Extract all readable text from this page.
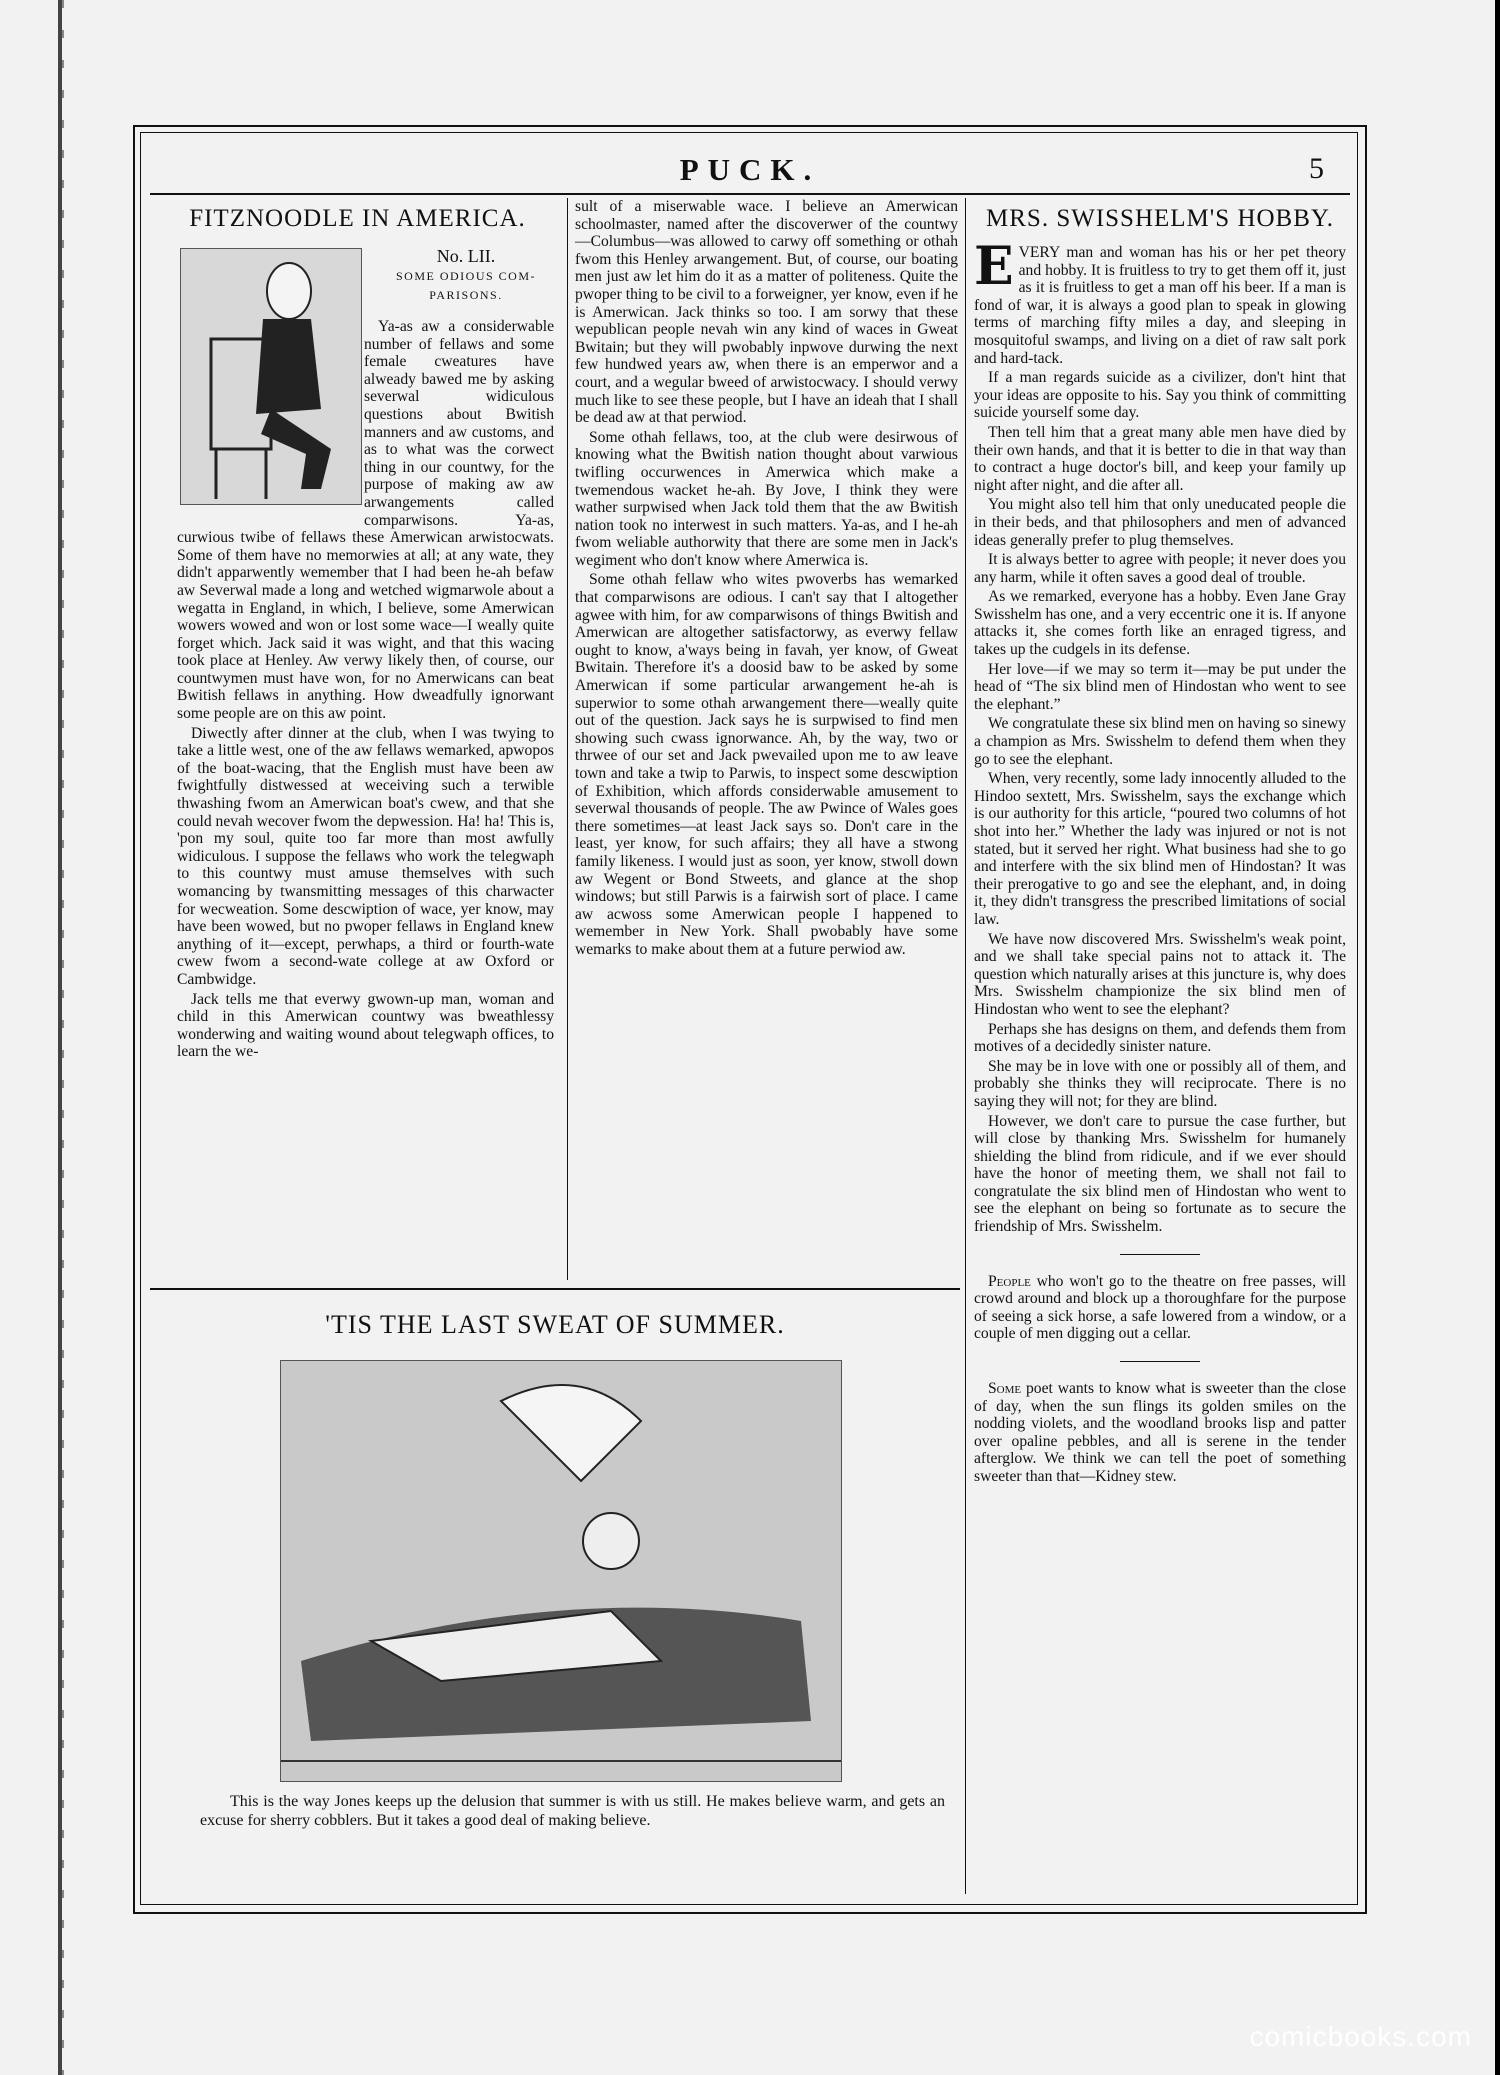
PUCK.	5
FITZNOODLE IN AMERICA.

No. LII.

SOME ODIOUS COM-

PARISONS.

Ya-as aw a considerwable number of fellaws and some female cweatures have alweady bawed me by asking severwal widiculous questions about Bwitish manners and aw customs, and as to what was the corwect thing in our countwy, for the purpose of making aw aw arwangements called comparwisons. Ya-as, curwious twibe of fellaws these Amerwican arwistocwats. Some of them have no memorwies at all; at any wate, they didn't apparwently wemember that I had been he-ah befaw aw Severwal made a long and wetched wigmarwole about a wegatta in England, in which, I believe, some Amerwican wowers wowed and won or lost some wace—I weally quite forget which. Jack said it was wight, and that this wacing took place at Henley. Aw verwy likely then, of course, our countwymen must have won, for no Amerwicans can beat Bwitish fellaws in anything. How dweadfully ignorwant some people are on this aw point.

Diwectly after dinner at the club, when I was twying to take a little west, one of the aw fellaws wemarked, apwopos of the boat-wacing, that the English must have been aw fwightfully distwessed at weceiving such a terwible thwashing fwom an Amerwican boat's cwew, and that she could nevah wecover fwom the depwession. Ha! ha! This is, 'pon my soul, quite too far more than most awfully widiculous. I suppose the fellaws who work the telegwaph to this countwy must amuse themselves with such womancing by twansmitting messages of this charwacter for wecweation. Some descwiption of wace, yer know, may have been wowed, but no pwoper fellaws in England knew anything of it—except, perwhaps, a third or fourth-wate cwew fwom a second-wate college at aw Oxford or Cambwidge.

Jack tells me that everwy gwown-up man, woman and child in this Amerwican countwy was bweathlessy wonderwing and waiting wound about telegwaph offices, to learn the we-

sult of a miserwable wace. I believe an Amerwican schoolmaster, named after the discoverwer of the countwy —Columbus—was allowed to carwy off something or othah fwom this Henley arwangement. But, of course, our boating men just aw let him do it as a matter of politeness. Quite the pwoper thing to be civil to a forweigner, yer know, even if he is Amerwican. Jack thinks so too. I am sorwy that these wepublican people nevah win any kind of waces in Gweat Bwitain; but they will pwobably inpwove durwing the next few hundwed years aw, when there is an emperwor and a court, and a wegular bweed of arwistocwacy. I should verwy much like to see these people, but I have an ideah that I shall be dead aw at that perwiod.

Some othah fellaws, too, at the club were desirwous of knowing what the Bwitish nation thought about varwious twifling occurwences in Amerwica which make a twemendous wacket he-ah. By Jove, I think they were wather surpwised when Jack told them that the aw Bwitish nation took no interwest in such matters. Ya-as, and I he-ah fwom weliable authorwity that there are some men in Jack's wegiment who don't know where Amerwica is.

Some othah fellaw who wites pwoverbs has wemarked that comparwisons are odious. I can't say that I altogether agwee with him, for aw comparwisons of things Bwitish and Amerwican are altogether satisfactorwy, as everwy fellaw ought to know, a'ways being in favah, yer know, of Gweat Bwitain. Therefore it's a doosid baw to be asked by some Amerwican if some particular arwangement he-ah is superwior to some othah arwangement there—weally quite out of the question. Jack says he is surpwised to find men showing such cwass ignorwance. Ah, by the way, two or thrwee of our set and Jack pwevailed upon me to aw leave town and take a twip to Parwis, to inspect some descwiption of Exhibition, which affords considerwable amusement to severwal thousands of people. The aw Pwince of Wales goes there sometimes—at least Jack says so. Don't care in the least, yer know, for such affairs; they all have a stwong family likeness. I would just as soon, yer know, stwoll down aw Wegent or Bond Stweets, and glance at the shop windows; but still Parwis is a fairwish sort of place. I came aw acwoss some Amerwican people I happened to wemember in New York. Shall pwobably have some wemarks to make about them at a future perwiod aw.

'TIS THE LAST SWEAT OF SUMMER.
This is the way Jones keeps up the delusion that summer is with us still. He makes believe warm, and gets an excuse for sherry cobblers. But it takes a good deal of making believe.
MRS. SWISSHELM'S HOBBY.

EVERY man and woman has his or her pet theory and hobby. It is fruitless to try to get them off it, just as it is fruitless to get a man off his beer. If a man is fond of war, it is always a good plan to speak in glowing terms of marching fifty miles a day, and sleeping in mosquitoful swamps, and living on a diet of raw salt pork and hard-tack.

If a man regards suicide as a civilizer, don't hint that your ideas are opposite to his. Say you think of committing suicide yourself some day.

Then tell him that a great many able men have died by their own hands, and that it is better to die in that way than to contract a huge doctor's bill, and keep your family up night after night, and die after all.

You might also tell him that only uneducated people die in their beds, and that philosophers and men of advanced ideas generally prefer to plug themselves.

It is always better to agree with people; it never does you any harm, while it often saves a good deal of trouble.

As we remarked, everyone has a hobby. Even Jane Gray Swisshelm has one, and a very eccentric one it is. If anyone attacks it, she comes forth like an enraged tigress, and takes up the cudgels in its defense.

Her love—if we may so term it—may be put under the head of “The six blind men of Hindostan who went to see the elephant.”

We congratulate these six blind men on having so sinewy a champion as Mrs. Swisshelm to defend them when they go to see the elephant.

When, very recently, some lady innocently alluded to the Hindoo sextett, Mrs. Swisshelm, says the exchange which is our authority for this article, “poured two columns of hot shot into her.” Whether the lady was injured or not is not stated, but it served her right. What business had she to go and interfere with the six blind men of Hindostan? It was their prerogative to go and see the elephant, and, in doing it, they didn't transgress the prescribed limitations of social law.

We have now discovered Mrs. Swisshelm's weak point, and we shall take special pains not to attack it. The question which naturally arises at this juncture is, why does Mrs. Swisshelm championize the six blind men of Hindostan who went to see the elephant?

Perhaps she has designs on them, and defends them from motives of a decidedly sinister nature.

She may be in love with one or possibly all of them, and probably she thinks they will reciprocate. There is no saying they will not; for they are blind.

However, we don't care to pursue the case further, but will close by thanking Mrs. Swisshelm for humanely shielding the blind from ridicule, and if we ever should have the honor of meeting them, we shall not fail to congratulate the six blind men of Hindostan who went to see the elephant on being so fortunate as to secure the friendship of Mrs. Swisshelm.

People who won't go to the theatre on free passes, will crowd around and block up a thoroughfare for the purpose of seeing a sick horse, a safe lowered from a window, or a couple of men digging out a cellar.

Some poet wants to know what is sweeter than the close of day, when the sun flings its golden smiles on the nodding violets, and the woodland brooks lisp and patter over opaline pebbles, and all is serene in the tender afterglow. We think we can tell the poet of something sweeter than that—Kidney stew.

comicbooks.com
